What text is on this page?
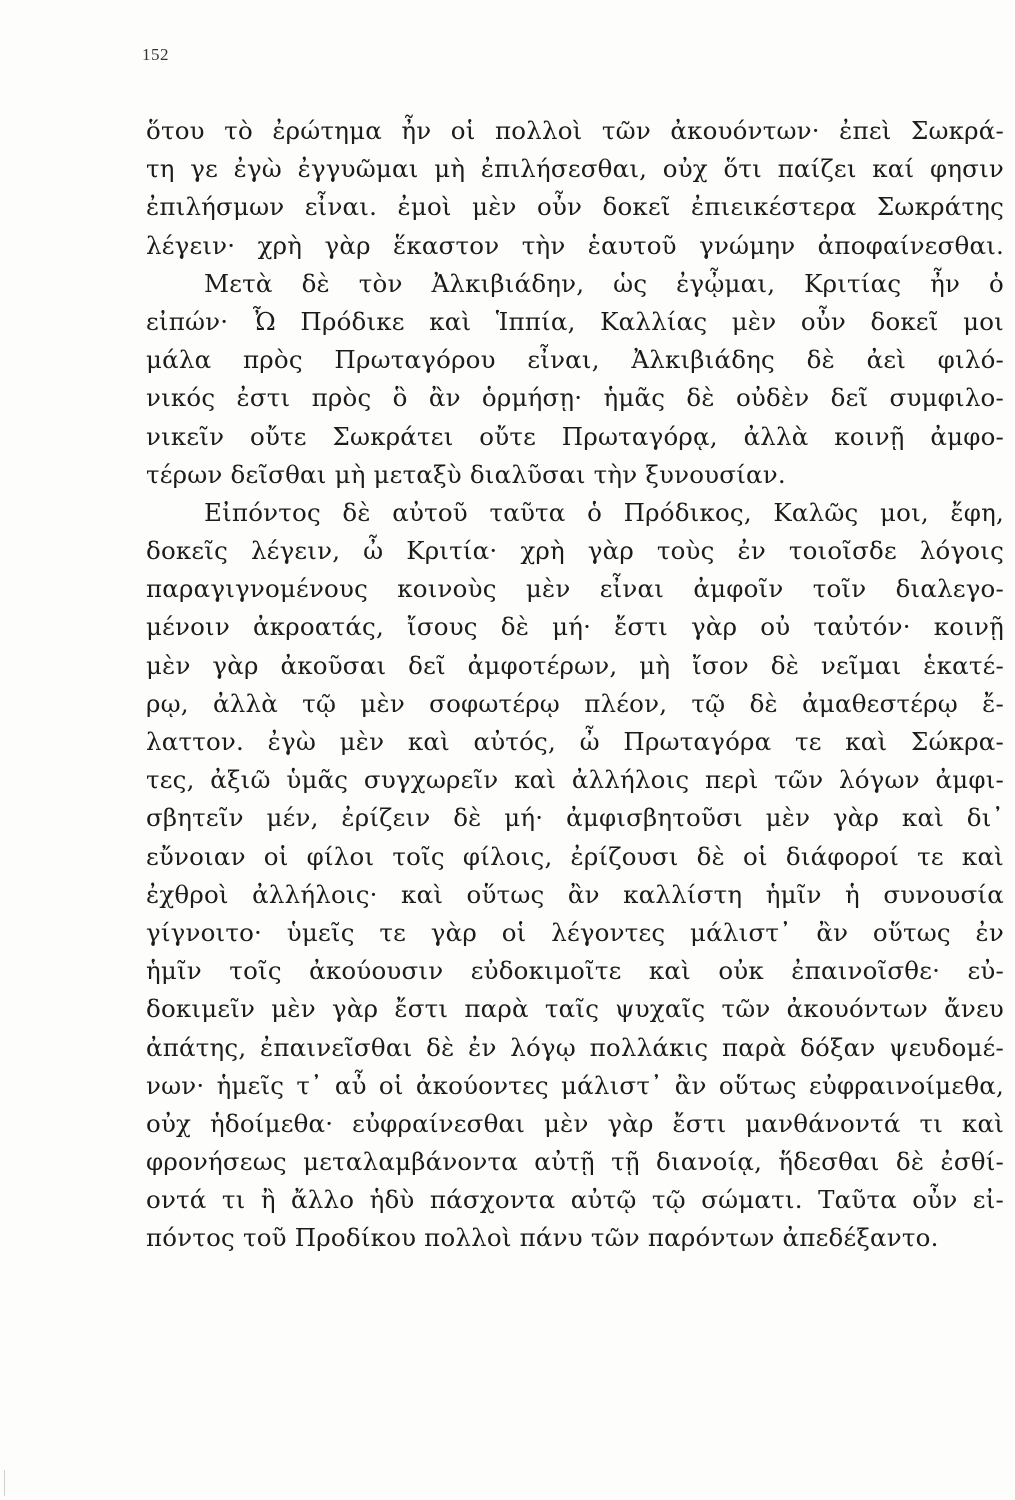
152
ὅτου τὸ ἐρώτημα ἦν οἱ πολλοὶ τῶν ἀκουόντων· ἐπεὶ Σωκρά-
τη γε ἐγὼ ἐγγυῶμαι μὴ ἐπιλήσεσθαι, οὐχ ὅτι παίζει καί φησιν
ἐπιλήσμων εἶναι. ἐμοὶ μὲν οὖν δοκεῖ ἐπιεικέστερα Σωκράτης
λέγειν· χρὴ γὰρ ἕκαστον τὴν ἑαυτοῦ γνώμην ἀποφαίνεσθαι.
Μετὰ δὲ τὸν Ἀλκιβιάδην, ὡς ἐγᾦμαι, Κριτίας ἦν ὁ
εἰπών· Ὦ Πρόδικε καὶ Ἱππία, Καλλίας μὲν οὖν δοκεῖ μοι
μάλα πρὸς Πρωταγόρου εἶναι, Ἀλκιβιάδης δὲ ἀεὶ φιλό-
νικός ἐστι πρὸς ὃ ἂν ὁρμήσῃ· ἡμᾶς δὲ οὐδὲν δεῖ συμφιλο-
νικεῖν οὔτε Σωκράτει οὔτε Πρωταγόρᾳ, ἀλλὰ κοινῇ ἀμφο-
τέρων δεῖσθαι μὴ μεταξὺ διαλῦσαι τὴν ξυνουσίαν.
Εἰπόντος δὲ αὐτοῦ ταῦτα ὁ Πρόδικος, Καλῶς μοι, ἔφη,
δοκεῖς λέγειν, ὦ Κριτία· χρὴ γὰρ τοὺς ἐν τοιοῖσδε λόγοις
παραγιγνομένους κοινοὺς μὲν εἶναι ἀμφοῖν τοῖν διαλεγο-
μένοιν ἀκροατάς, ἴσους δὲ μή· ἔστι γὰρ οὐ ταὐτόν· κοινῇ
μὲν γὰρ ἀκοῦσαι δεῖ ἀμφοτέρων, μὴ ἴσον δὲ νεῖμαι ἑκατέ-
ρῳ, ἀλλὰ τῷ μὲν σοφωτέρῳ πλέον, τῷ δὲ ἀμαθεστέρῳ ἔ-
λαττον. ἐγὼ μὲν καὶ αὐτός, ὦ Πρωταγόρα τε καὶ Σώκρα-
τες, ἀξιῶ ὑμᾶς συγχωρεῖν καὶ ἀλλήλοις περὶ τῶν λόγων ἀμφι-
σβητεῖν μέν, ἐρίζειν δὲ μή· ἀμφισβητοῦσι μὲν γὰρ καὶ δι᾽
εὔνοιαν οἱ φίλοι τοῖς φίλοις, ἐρίζουσι δὲ οἱ διάφοροί τε καὶ
ἐχθροὶ ἀλλήλοις· καὶ οὕτως ἂν καλλίστη ἡμῖν ἡ συνουσία
γίγνοιτο· ὑμεῖς τε γὰρ οἱ λέγοντες μάλιστ᾽ ἂν οὕτως ἐν
ἡμῖν τοῖς ἀκούουσιν εὐδοκιμοῖτε καὶ οὐκ ἐπαινοῖσθε· εὐ-
δοκιμεῖν μὲν γὰρ ἔστι παρὰ ταῖς ψυχαῖς τῶν ἀκουόντων ἄνευ
ἀπάτης, ἐπαινεῖσθαι δὲ ἐν λόγῳ πολλάκις παρὰ δόξαν ψευδομέ-
νων· ἡμεῖς τ᾽ αὖ οἱ ἀκούοντες μάλιστ᾽ ἂν οὕτως εὐφραινοίμεθα,
οὐχ ἡδοίμεθα· εὐφραίνεσθαι μὲν γὰρ ἔστι μανθάνοντά τι καὶ
φρονήσεως μεταλαμβάνοντα αὐτῇ τῇ διανοίᾳ, ἥδεσθαι δὲ ἐσθί-
οντά τι ἢ ἄλλο ἡδὺ πάσχοντα αὐτῷ τῷ σώματι. Ταῦτα οὖν εἰ-
πόντος τοῦ Προδίκου πολλοὶ πάνυ τῶν παρόντων ἀπεδέξαντο.
